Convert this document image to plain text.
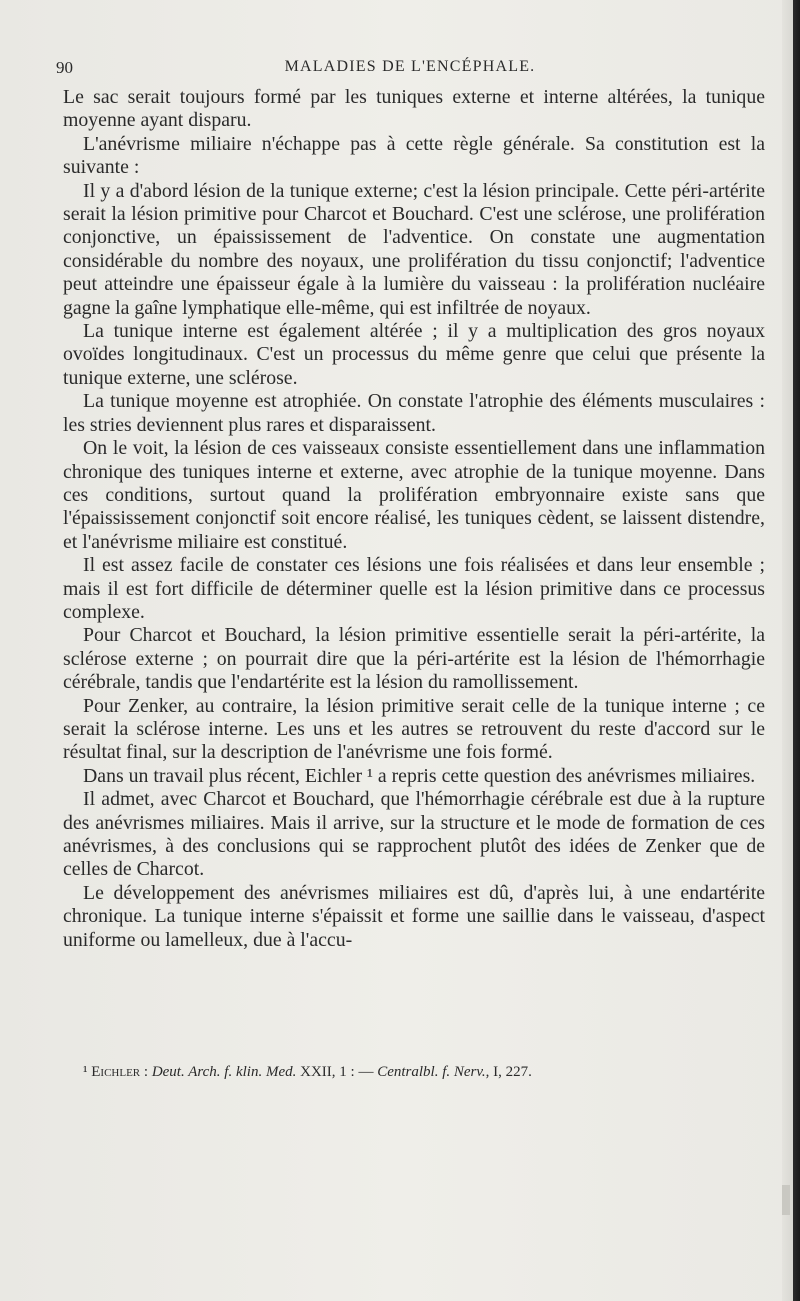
90	MALADIES DE L'ENCÉPHALE.

Le sac serait toujours formé par les tuniques externe et interne altérées, la tunique moyenne ayant disparu.

L'anévrisme miliaire n'échappe pas à cette règle générale. Sa constitution est la suivante :

Il y a d'abord lésion de la tunique externe; c'est la lésion principale. Cette péri-artérite serait la lésion primitive pour Charcot et Bouchard. C'est une sclérose, une prolifération conjonctive, un épaississement de l'adventice. On constate une augmentation considérable du nombre des noyaux, une prolifération du tissu conjonctif; l'adventice peut atteindre une épaisseur égale à la lumière du vaisseau : la prolifération nucléaire gagne la gaîne lymphatique elle-même, qui est infiltrée de noyaux.

La tunique interne est également altérée ; il y a multiplication des gros noyaux ovoïdes longitudinaux. C'est un processus du même genre que celui que présente la tunique externe, une sclérose.

La tunique moyenne est atrophiée. On constate l'atrophie des éléments musculaires : les stries deviennent plus rares et disparaissent.

On le voit, la lésion de ces vaisseaux consiste essentiellement dans une inflammation chronique des tuniques interne et externe, avec atrophie de la tunique moyenne. Dans ces conditions, surtout quand la prolifération embryonnaire existe sans que l'épaississement conjonctif soit encore réalisé, les tuniques cèdent, se laissent distendre, et l'anévrisme miliaire est constitué.

Il est assez facile de constater ces lésions une fois réalisées et dans leur ensemble ; mais il est fort difficile de déterminer quelle est la lésion primitive dans ce processus complexe.

Pour Charcot et Bouchard, la lésion primitive essentielle serait la péri-artérite, la sclérose externe ; on pourrait dire que la péri-artérite est la lésion de l'hémorrhagie cérébrale, tandis que l'endartérite est la lésion du ramollissement.

Pour Zenker, au contraire, la lésion primitive serait celle de la tunique interne ; ce serait la sclérose interne. Les uns et les autres se retrouvent du reste d'accord sur le résultat final, sur la description de l'anévrisme une fois formé.

Dans un travail plus récent, Eichler ¹ a repris cette question des anévrismes miliaires.

Il admet, avec Charcot et Bouchard, que l'hémorrhagie cérébrale est due à la rupture des anévrismes miliaires. Mais il arrive, sur la structure et le mode de formation de ces anévrismes, à des conclusions qui se rapprochent plutôt des idées de Zenker que de celles de Charcot.

Le développement des anévrismes miliaires est dû, d'après lui, à une endartérite chronique. La tunique interne s'épaissit et forme une saillie dans le vaisseau, d'aspect uniforme ou lamelleux, due à l'accu-

¹ Eichler : Deut. Arch. f. klin. Med. XXII, 1 : — Centralbl. f. Nerv., I, 227.
